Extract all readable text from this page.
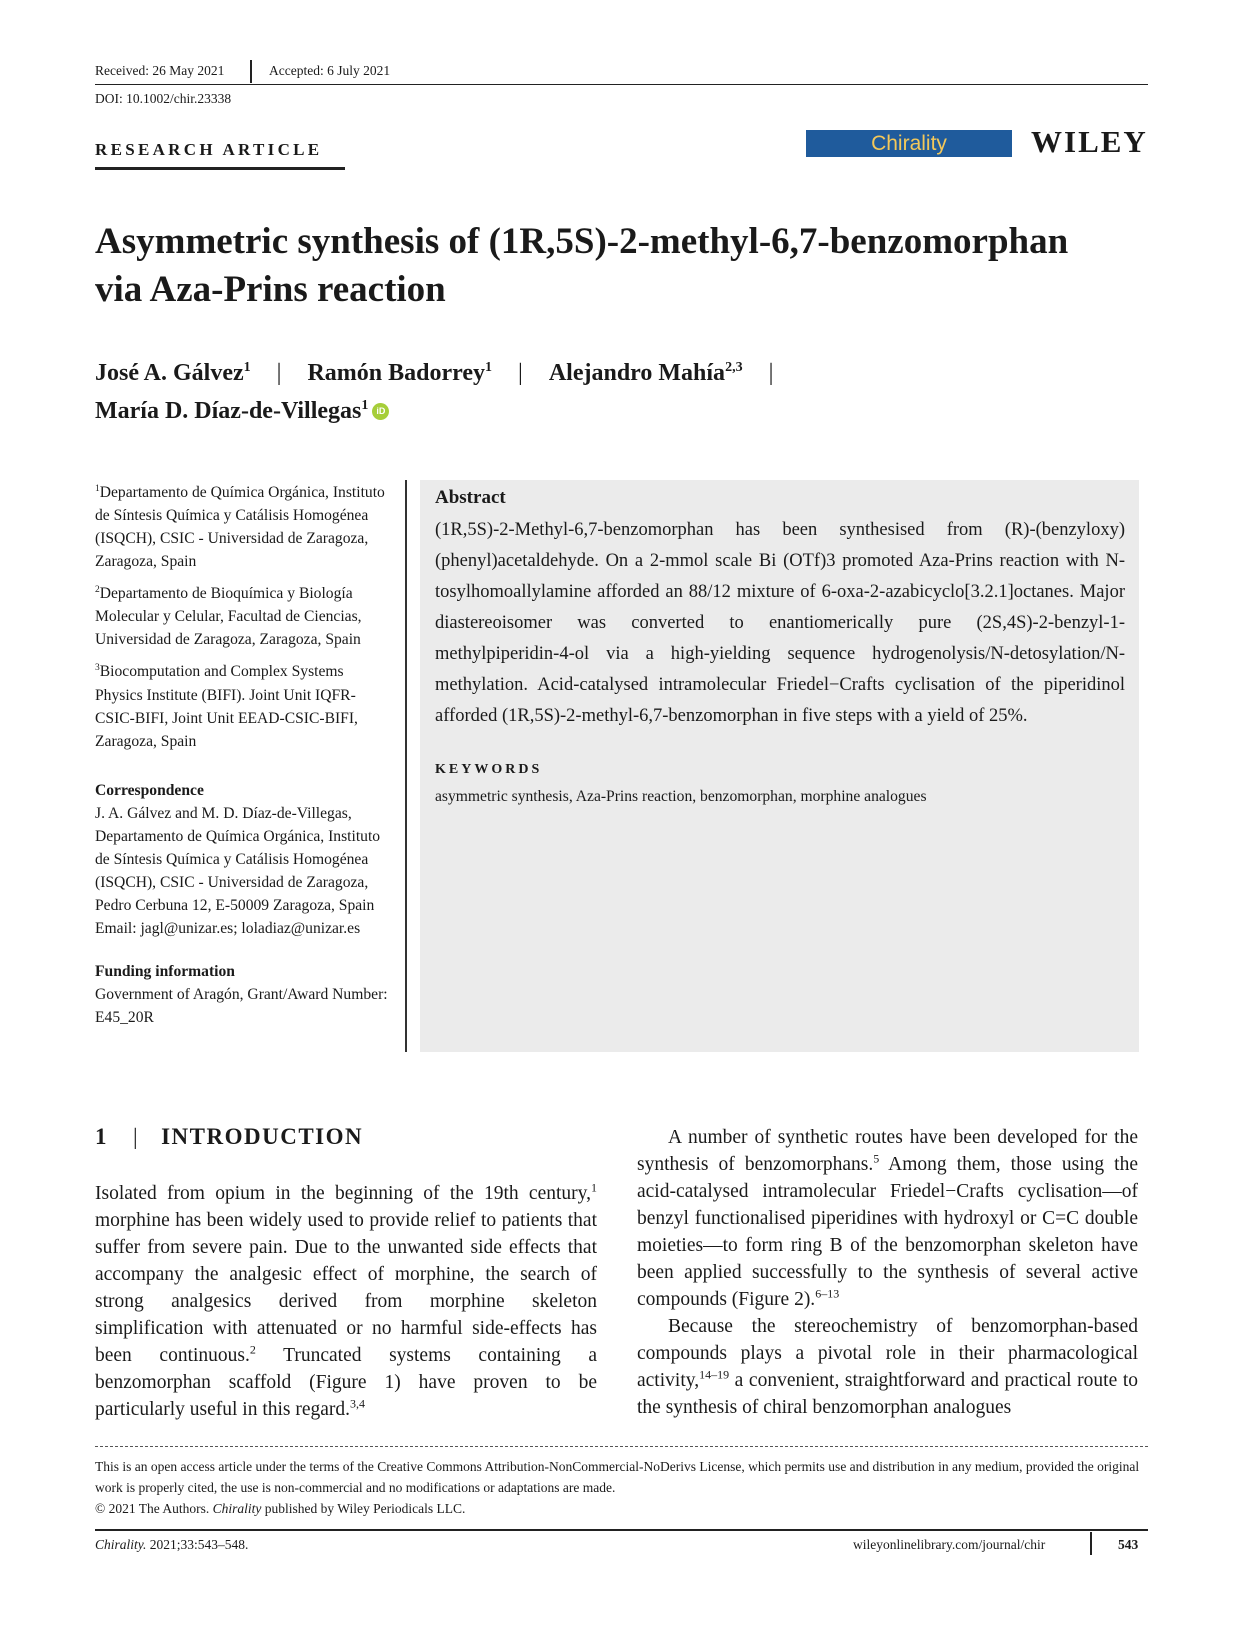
Received: 26 May 2021	Accepted: 6 July 2021
DOI: 10.1002/chir.23338
RESEARCH ARTICLE	Chirality	WILEY
Asymmetric synthesis of (1R,5S)-2-methyl-6,7-benzomorphan
via Aza-Prins reaction
José A. Gálvez$^1$ | Ramón Badorrey$^1$ | Alejandro Mahía$^{2,3}$ |
María D. Díaz-de-Villegas$^1$ iD

$^1$Departamento de Química Orgánica, Instituto de Síntesis Química y Catálisis Homogénea (ISQCH), CSIC - Universidad de Zaragoza, Zaragoza, Spain

$^2$Departamento de Bioquímica y Biología Molecular y Celular, Facultad de Ciencias, Universidad de Zaragoza, Zaragoza, Spain

$^3$Biocomputation and Complex Systems Physics Institute (BIFI). Joint Unit IQFR-CSIC-BIFI, Joint Unit EEAD-CSIC-BIFI, Zaragoza, Spain

Correspondence
J. A. Gálvez and M. D. Díaz-de-Villegas, Departamento de Química Orgánica, Instituto de Síntesis Química y Catálisis Homogénea (ISQCH), CSIC - Universidad de Zaragoza, Pedro Cerbuna 12, E-50009 Zaragoza, Spain
Email: jagl@unizar.es; loladiaz@unizar.es
Funding information
Government of Aragón, Grant/Award Number: E45_20R
Abstract

(1R,5S)-2-Methyl-6,7-benzomorphan has been synthesised from (R)-(benzyloxy)(phenyl)acetaldehyde. On a 2-mmol scale Bi (OTf)3 promoted Aza-Prins reaction with N-tosylhomoallylamine afforded an 88/12 mixture of 6-oxa-2-azabicyclo[3.2.1]octanes. Major diastereoisomer was converted to enantiomerically pure (2S,4S)-2-benzyl-1- methylpiperidin-4-ol via a high-yielding sequence hydrogenolysis/N-detosylation/N-methylation. Acid-catalysed intramolecular Friedel−Crafts cyclisation of the piperidinol afforded (1R,5S)-2-methyl-6,7-benzomorphan in five steps with a yield of 25%.

KEYWORDS

asymmetric synthesis, Aza-Prins reaction, benzomorphan, morphine analogues

1 | INTRODUCTION

Isolated from opium in the beginning of the 19th century,$^1$ morphine has been widely used to provide relief to patients that suffer from severe pain. Due to the unwanted side effects that accompany the analgesic effect of morphine, the search of strong analgesics derived from morphine skeleton simplification with attenuated or no harmful side-effects has been continuous.$^2$ Truncated systems containing a benzomorphan scaffold (Figure 1) have proven to be particularly useful in this regard.$^{3,4}$

A number of synthetic routes have been developed for the synthesis of benzomorphans.$^5$ Among them, those using the acid-catalysed intramolecular Friedel−Crafts cyclisation—of benzyl functionalised piperidines with hydroxyl or C=C double moieties—to form ring B of the benzomorphan skeleton have been applied successfully to the synthesis of several active compounds (Figure 2).$^{6-13}$

Because the stereochemistry of benzomorphan-based compounds plays a pivotal role in their pharmacological activity,$^{14-19}$ a convenient, straightforward and practical route to the synthesis of chiral benzomorphan analogues

This is an open access article under the terms of the Creative Commons Attribution-NonCommercial-NoDerivs License, which permits use and distribution in any medium, provided the original work is properly cited, the use is non-commercial and no modifications or adaptations are made.
© 2021 The Authors. Chirality published by Wiley Periodicals LLC.
Chirality. 2021;33:543–548.	wileyonlinelibrary.com/journal/chir	543
